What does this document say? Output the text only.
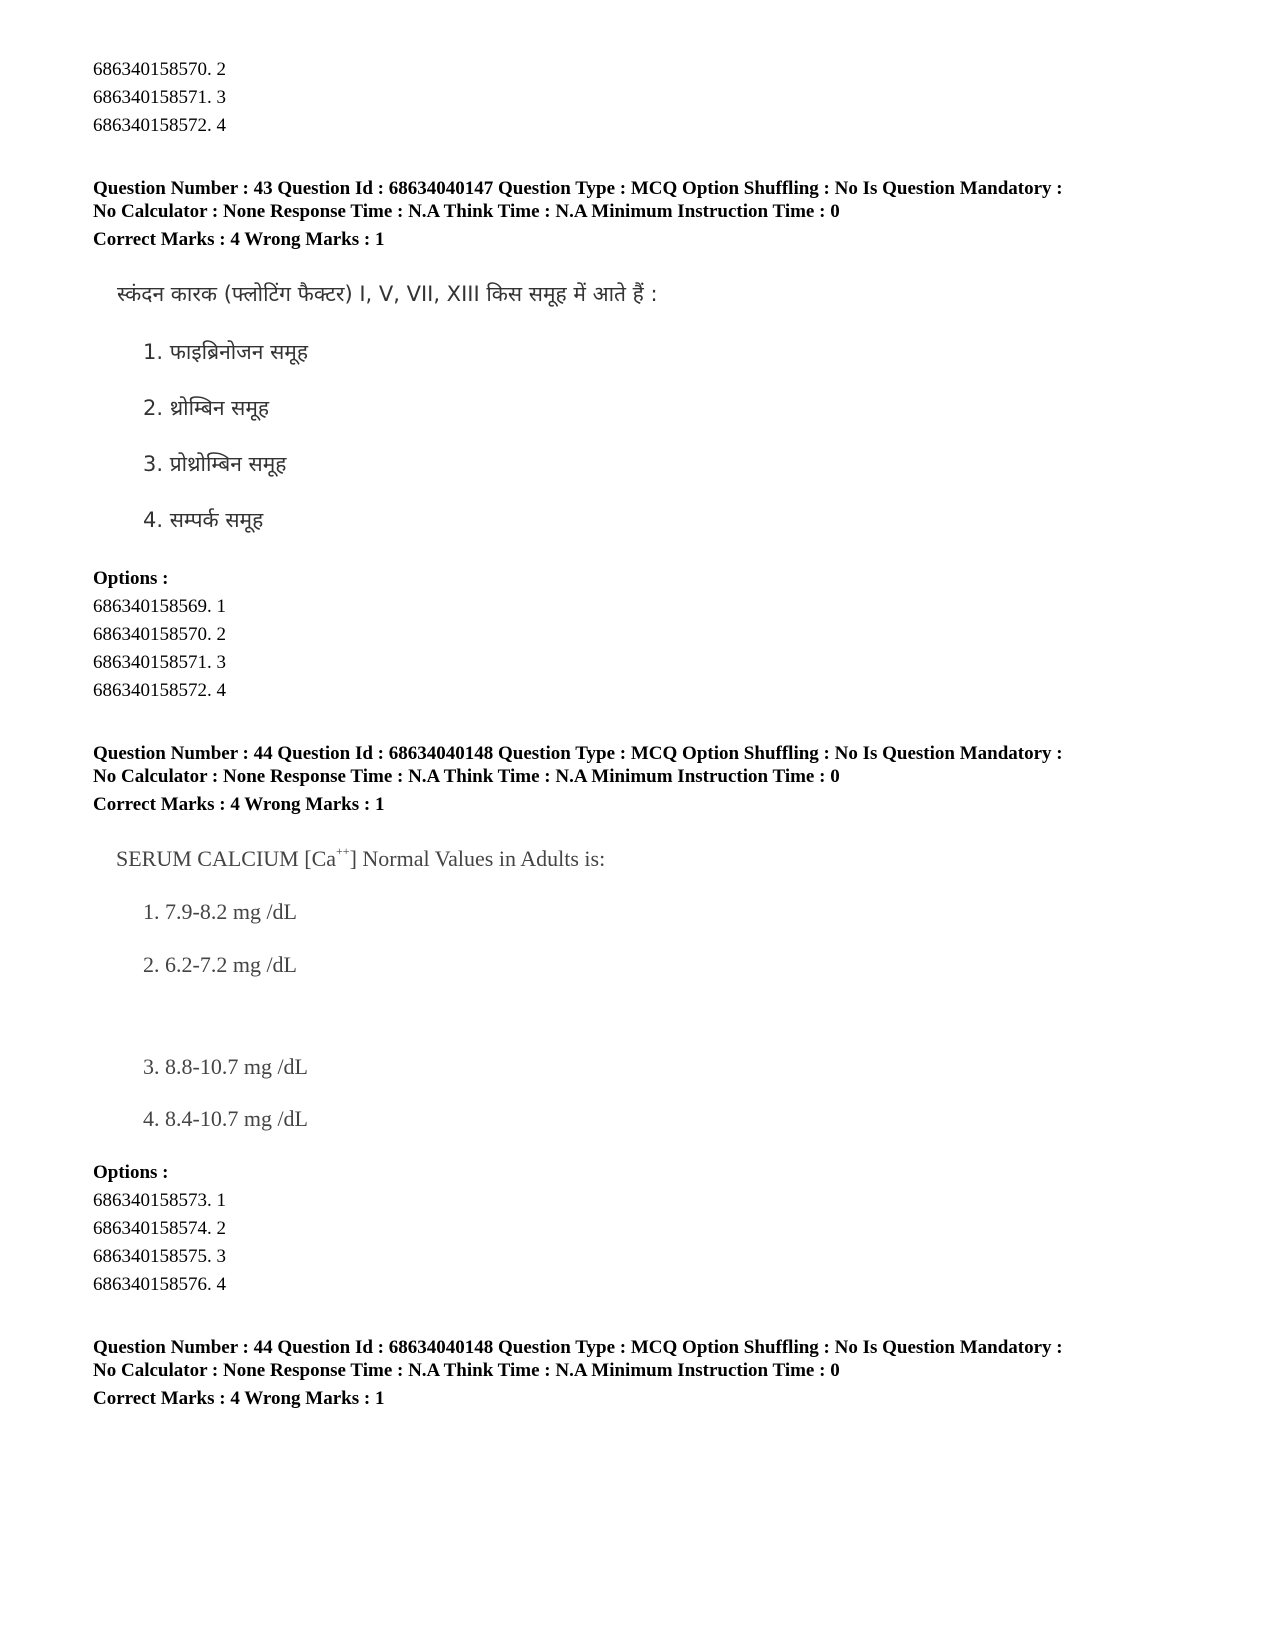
686340158570. 2
686340158571. 3
686340158572. 4
Question Number : 43 Question Id : 68634040147 Question Type : MCQ Option Shuffling : No Is Question Mandatory :
No Calculator : None Response Time : N.A Think Time : N.A Minimum Instruction Time : 0
Correct Marks : 4 Wrong Marks : 1
स्कंदन कारक (फ्लोटिंग फैक्टर) I, V, VII, XIII किस समूह में आते हैं :
1. फाइब्रिनोजन समूह
2. थ्रोम्बिन समूह
3. प्रोथ्रोम्बिन समूह
4. सम्पर्क समूह
Options :
686340158569. 1
686340158570. 2
686340158571. 3
686340158572. 4
Question Number : 44 Question Id : 68634040148 Question Type : MCQ Option Shuffling : No Is Question Mandatory :
No Calculator : None Response Time : N.A Think Time : N.A Minimum Instruction Time : 0
Correct Marks : 4 Wrong Marks : 1
SERUM CALCIUM [Ca++] Normal Values in Adults is:
1. 7.9-8.2 mg /dL
2. 6.2-7.2 mg /dL
3. 8.8-10.7 mg /dL
4. 8.4-10.7 mg /dL
Options :
686340158573. 1
686340158574. 2
686340158575. 3
686340158576. 4
Question Number : 44 Question Id : 68634040148 Question Type : MCQ Option Shuffling : No Is Question Mandatory :
No Calculator : None Response Time : N.A Think Time : N.A Minimum Instruction Time : 0
Correct Marks : 4 Wrong Marks : 1
